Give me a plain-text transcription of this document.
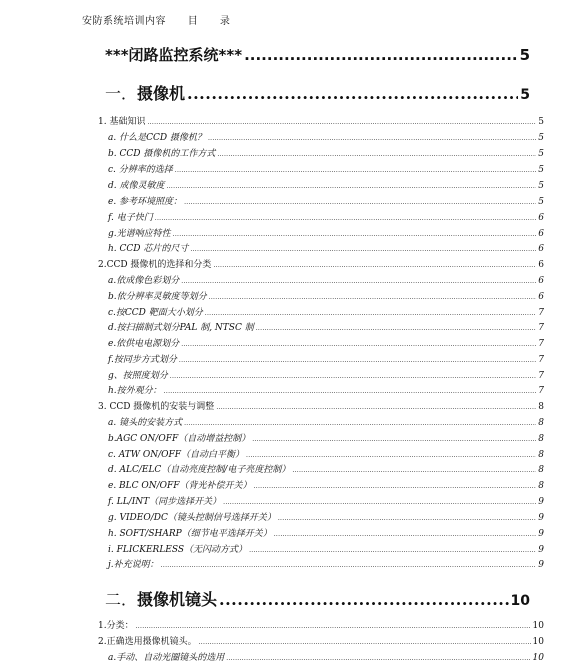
安防系统培训内容 目 录
***闭路监控系统*** .....	5
一．摄像机 .....	5
1. 基础知识 .....	5
a. 什么是CCD 摄像机？ .....	5
b. CCD 摄像机的工作方式 .....	5
c. 分辨率的选择 .....	5
d. 成像灵敏度 .....	5
e. 参考环境照度： .....	5
f. 电子快门 .....	6
g.光谱响应特性 .....	6
h. CCD 芯片的尺寸 .....	6
2.CCD 摄像机的选择和分类 .....	6
a.依成像色彩划分 .....	6
b.依分辨率灵敏度等划分 .....	6
c.按CCD 靶面大小划分 .....	7
d.按扫描制式划分PAL 制, NTSC 制 .....	7
e.依供电电源划分 .....	7
f.按同步方式划分 .....	7
g、按照度划分 .....	7
h.按外观分： .....	7
3. CCD 摄像机的安装与调整 .....	8
a. 镜头的安装方式 .....	8
b.AGC ON/OFF（自动增益控制） .....	8
c. ATW ON/OFF（自动白平衡） .....	8
d. ALC/ELC（自动亮度控制/电子亮度控制） .....	8
e. BLC ON/OFF（背光补偿开关） .....	8
f. LL/INT（同步选择开关） .....	9
g. VIDEO/DC（镜头控制信号选择开关） .....	9
h. SOFT/SHARP（细节电平选择开关） .....	9
i. FLICKERLESS（无闪动方式） .....	9
j.补充说明： .....	9
二．摄像机镜头 .....	10
1.分类： .....	10
2.正确选用摄像机镜头。 .....	10
a.手动、自动光圈镜头的选用 .....	10
